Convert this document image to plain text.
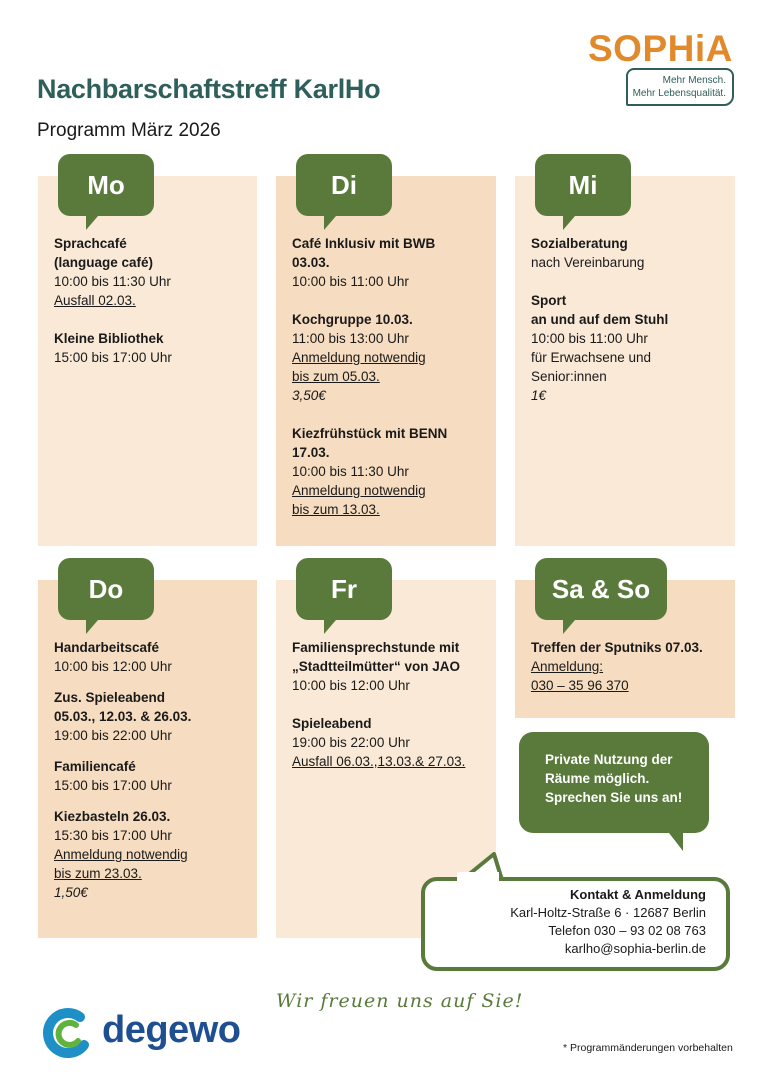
Nachbarschaftstreff KarlHo
Programm März 2026
SOPHiA
Mehr Mensch.
Mehr Lebensqualität.
Mo
Sprachcafé
(language café)
10:00 bis 11:30 Uhr
Ausfall 02.03.
Kleine Bibliothek
15:00 bis 17:00 Uhr
Di
Café Inklusiv mit BWB
03.03.
10:00 bis 11:00 Uhr
Kochgruppe 10.03.
11:00 bis 13:00 Uhr
Anmeldung notwendig
bis zum 05.03.
3,50€
Kiezfrühstück mit BENN
17.03.
10:00 bis 11:30 Uhr
Anmeldung notwendig
bis zum 13.03.
Mi
Sozialberatung
nach Vereinbarung
Sport
an und auf dem Stuhl
10:00 bis 11:00 Uhr
für Erwachsene und
Senior:innen
1€
Do
Handarbeitscafé
10:00 bis 12:00 Uhr
Zus. Spieleabend
05.03., 12.03. & 26.03.
19:00 bis 22:00 Uhr
Familiencafé
15:00 bis 17:00 Uhr
Kiezbasteln 26.03.
15:30 bis 17:00 Uhr
Anmeldung notwendig
bis zum 23.03.
1,50€
Fr
Familiensprechstunde mit
„Stadtteilmütter“ von JAO
10:00 bis 12:00 Uhr
Spieleabend
19:00 bis 22:00 Uhr
Ausfall 06.03.,13.03.& 27.03.
Sa & So
Treffen der Sputniks 07.03.
Anmeldung:
030 – 35 96 370
Private Nutzung der
Räume möglich.
Sprechen Sie uns an!
Kontakt & Anmeldung
Karl-Holtz-Straße 6 · 12687 Berlin
Telefon 030 – 93 02 08 763
karlho@sophia-berlin.de
Wir freuen uns auf Sie!
degewo	* Programmänderungen vorbehalten
